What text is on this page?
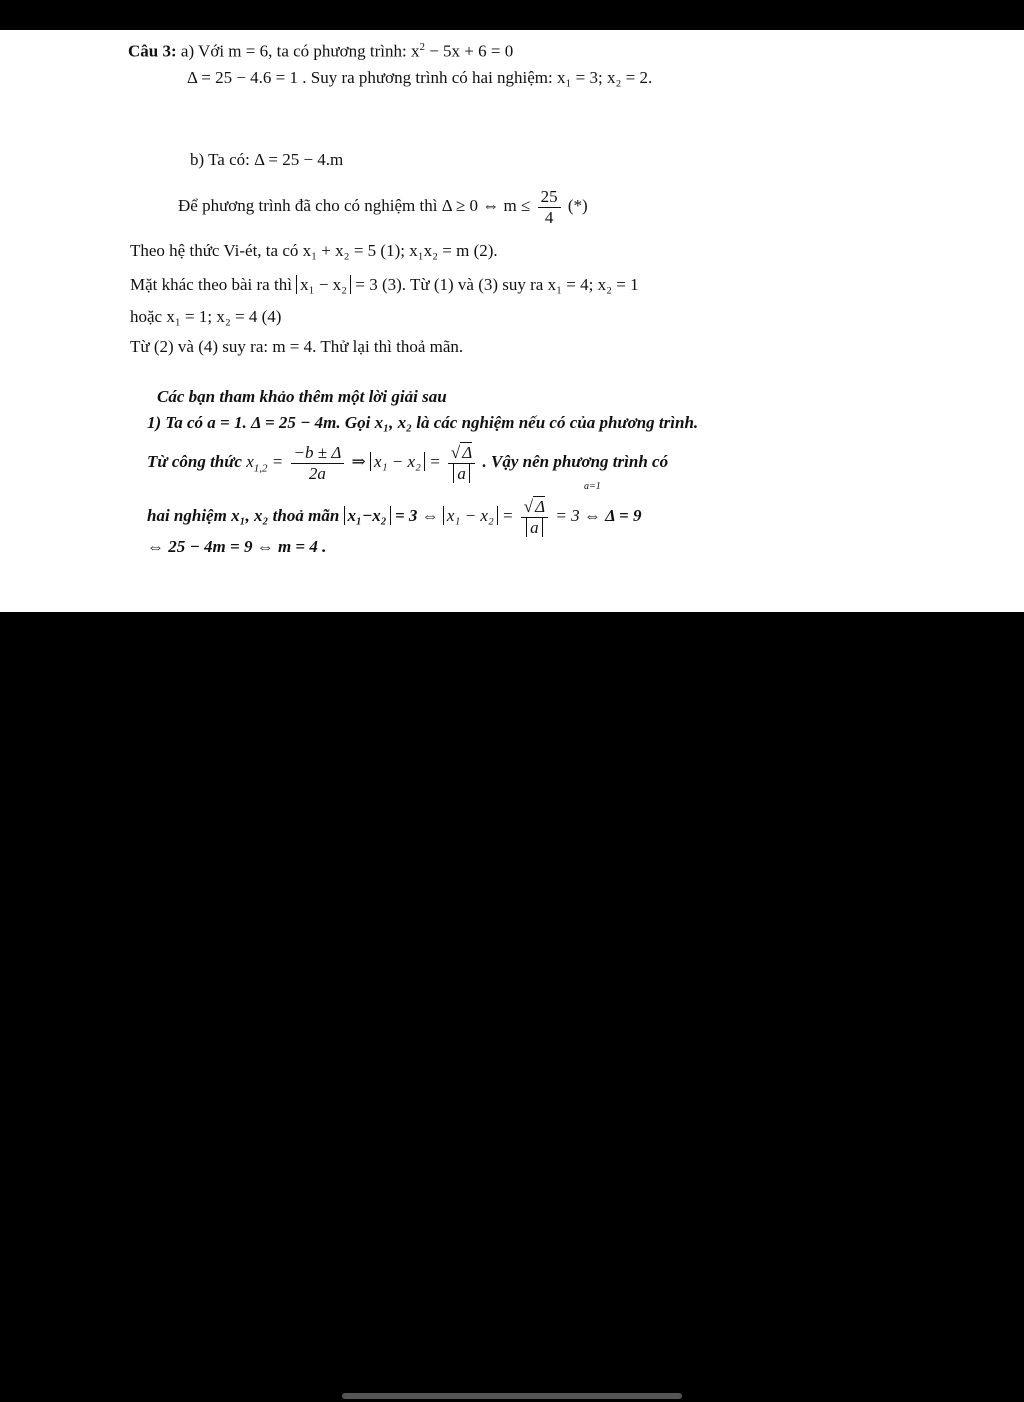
Câu 3: a) Với m = 6, ta có phương trình: $x^2 - 5x + 6 = 0$
Δ = 25 − 4.6 = 1 . Suy ra phương trình có hai nghiệm: x₁ = 3; x₂ = 2.
b) Ta có: Δ = 25 − 4.m
Để phương trình đã cho có nghiệm thì Δ ≥ 0 ⇔ $m \le \frac{25}{4}$ (*)
Theo hệ thức Vi-ét, ta có x₁ + x₂ = 5 (1); x₁x₂ = m (2).
Mặt khác theo bài ra thì x₁ − x₂ = 3 (3). Từ (1) và (3) suy ra x₁ = 4; x₂ = 1
hoặc x₁ = 1; x₂ = 4 (4)
Từ (2) và (4) suy ra: m = 4. Thử lại thì thoả mãn.
Các bạn tham khảo thêm một lời giải sau
1) Ta có a = 1. Δ = 25 − 4m. Gọi x₁, x₂ là các nghiệm nếu có của phương trình.
Từ công thức $x_{1,2} = \frac{-b \pm \Delta}{2a}$ ⇒ $x_1 - x_2 = \frac{√ \Delta}{a}$ . Vậy nên phương trình có
hai nghiệm x₁, x₂ thoả mãn x₁−x₂ = 3 ⇔ $x_1 - x_2 = \frac{√ \Delta}{a} = 3$
a=1
⇔ Δ = 9
⇔ 25 − 4m = 9 ⇔ m = 4 .
